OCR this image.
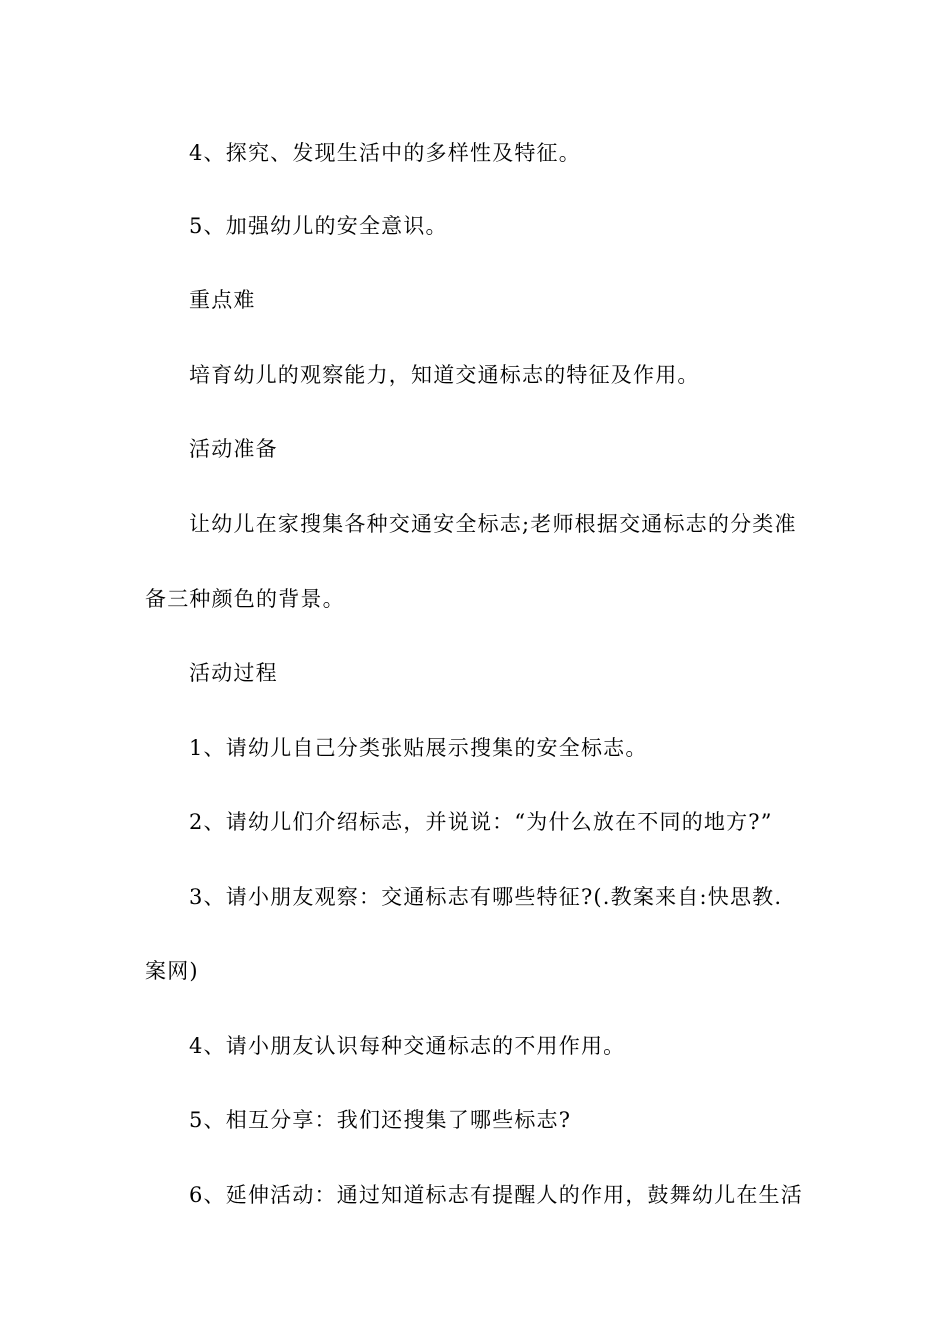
4、探究、发现生活中的多样性及特征。
5、加强幼儿的安全意识。
重点难
培育幼儿的观察能力，知道交通标志的特征及作用。
活动准备
让幼儿在家搜集各种交通安全标志;老师根据交通标志的分类准
备三种颜色的背景。
活动过程
1、请幼儿自己分类张贴展示搜集的安全标志。
2、请幼儿们介绍标志，并说说：“为什么放在不同的地方?”
3、请小朋友观察：交通标志有哪些特征?(.教案来自:快思教.
案网)
4、请小朋友认识每种交通标志的不用作用。
5、相互分享：我们还搜集了哪些标志?
6、延伸活动：通过知道标志有提醒人的作用，鼓舞幼儿在生活
